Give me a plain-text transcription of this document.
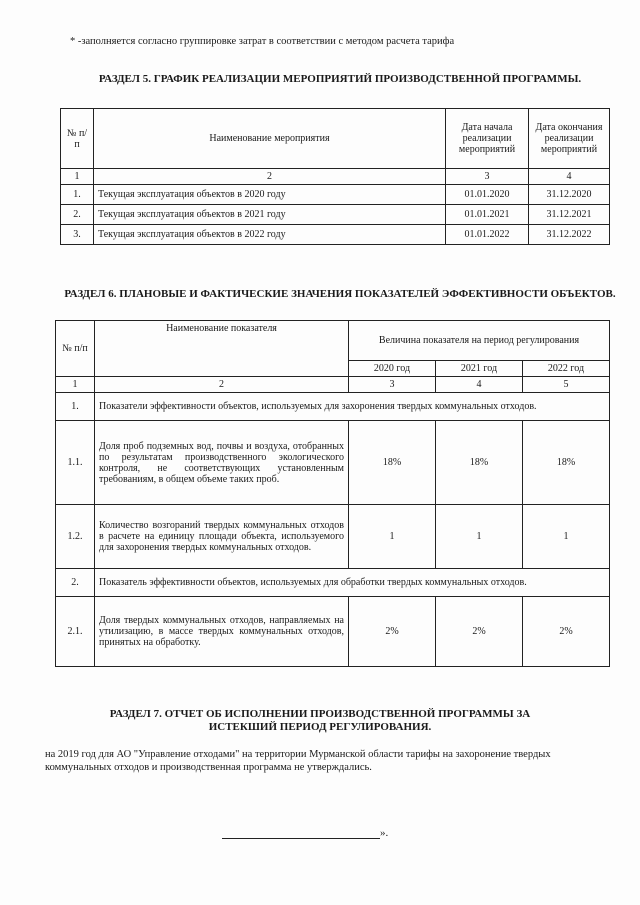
* -заполняется согласно группировке затрат в соответствии с методом расчета тарифа
РАЗДЕЛ 5. ГРАФИК РЕАЛИЗАЦИИ МЕРОПРИЯТИЙ ПРОИЗВОДСТВЕННОЙ ПРОГРАММЫ.
№ п/п	Наименование мероприятия	Дата начала реализации мероприятий	Дата окончания реализации мероприятий
1	2	3	4
1.	Текущая эксплуатация объектов в 2020 году	01.01.2020	31.12.2020
2.	Текущая эксплуатация объектов в 2021 году	01.01.2021	31.12.2021
3.	Текущая эксплуатация объектов в 2022 году	01.01.2022	31.12.2022
РАЗДЕЛ 6. ПЛАНОВЫЕ И ФАКТИЧЕСКИЕ ЗНАЧЕНИЯ ПОКАЗАТЕЛЕЙ ЭФФЕКТИВНОСТИ ОБЪЕКТОВ.
№ п/п	Наименование показателя	Величина показателя на период регулирования		
		2020 год	2021 год	2022 год
1	2	3	4	5
1.	Показатели эффективности объектов, используемых для захоронения твердых коммунальных отходов.			
1.1.	Доля проб подземных вод, почвы и воздуха, отобранных по результатам производственного экологического контроля, не соответствующих установленным требованиям, в общем объеме таких проб.	18%	18%	18%
1.2.	Количество возгораний твердых коммунальных отходов в расчете на единицу площади объекта, используемого для захоронения твердых коммунальных отходов.	1	1	1
2.	Показатель эффективности объектов, используемых для обработки твердых коммунальных отходов.			
2.1.	Доля твердых коммунальных отходов, направляемых на утилизацию, в массе твердых коммунальных отходов, принятых на обработку.	2%	2%	2%
РАЗДЕЛ 7. ОТЧЕТ ОБ ИСПОЛНЕНИИ ПРОИЗВОДСТВЕННОЙ ПРОГРАММЫ ЗА ИСТЕКШИЙ ПЕРИОД РЕГУЛИРОВАНИЯ.
на 2019 год для АО "Управление отходами" на территории Мурманской области тарифы на захоронение твердых коммунальных отходов и производственная программа не утверждались.
».
